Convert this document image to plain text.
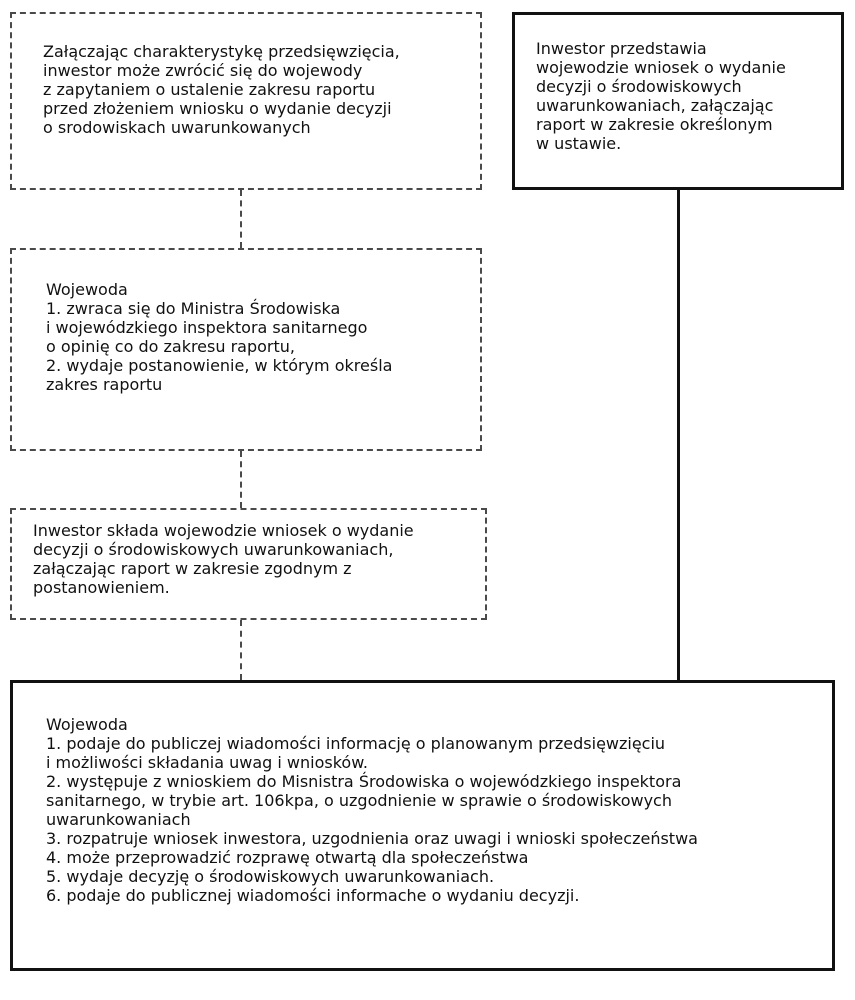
Załączając charakterystykę przedsięwzięcia,
inwestor może zwrócić się do wojewody
z zapytaniem o ustalenie zakresu raportu
przed złożeniem wniosku o wydanie decyzji
o srodowiskach uwarunkowanych
Inwestor przedstawia
wojewodzie wniosek o wydanie
decyzji o środowiskowych
uwarunkowaniach, załączając
raport w zakresie określonym
w ustawie.
Wojewoda
1. zwraca się do Ministra Środowiska
i wojewódzkiego inspektora sanitarnego
o opinię co do zakresu raportu,
2. wydaje postanowienie, w którym określa
zakres raportu
Inwestor składa wojewodzie wniosek o wydanie
decyzji o środowiskowych uwarunkowaniach,
załączając raport w zakresie zgodnym z
postanowieniem.
Wojewoda
1. podaje do publiczej wiadomości informację o planowanym przedsięwzięciu
i możliwości składania uwag i wniosków.
2. występuje z wnioskiem do Misnistra Środowiska o wojewódzkiego inspektora
sanitarnego, w trybie art. 106kpa, o uzgodnienie w sprawie o środowiskowych
uwarunkowaniach
3. rozpatruje wniosek inwestora, uzgodnienia oraz uwagi i wnioski społeczeństwa
4. może przeprowadzić rozprawę otwartą dla społeczeństwa
5. wydaje decyzję o środowiskowych uwarunkowaniach.
6. podaje do publicznej wiadomości informache o wydaniu decyzji.
